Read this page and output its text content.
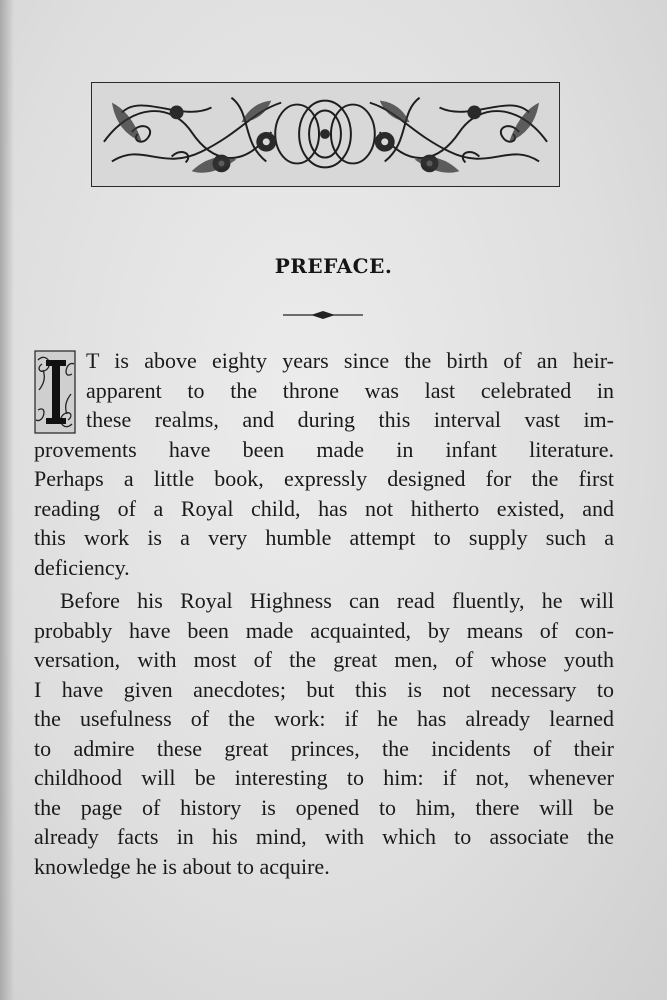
PREFACE.
T is above eighty years since the birth of an heir-
apparent to the throne was last celebrated in
these realms, and during this interval vast im-
provements have been made in infant literature.
Perhaps a little book, expressly designed for the first
reading of a Royal child, has not hitherto existed, and
this work is a very humble attempt to supply such a
deficiency.
Before his Royal Highness can read fluently, he will
probably have been made acquainted, by means of con-
versation, with most of the great men, of whose youth
I have given anecdotes; but this is not necessary to
the usefulness of the work: if he has already learned
to admire these great princes, the incidents of their
childhood will be interesting to him: if not, whenever
the page of history is opened to him, there will be
already facts in his mind, with which to associate the
knowledge he is about to acquire.
